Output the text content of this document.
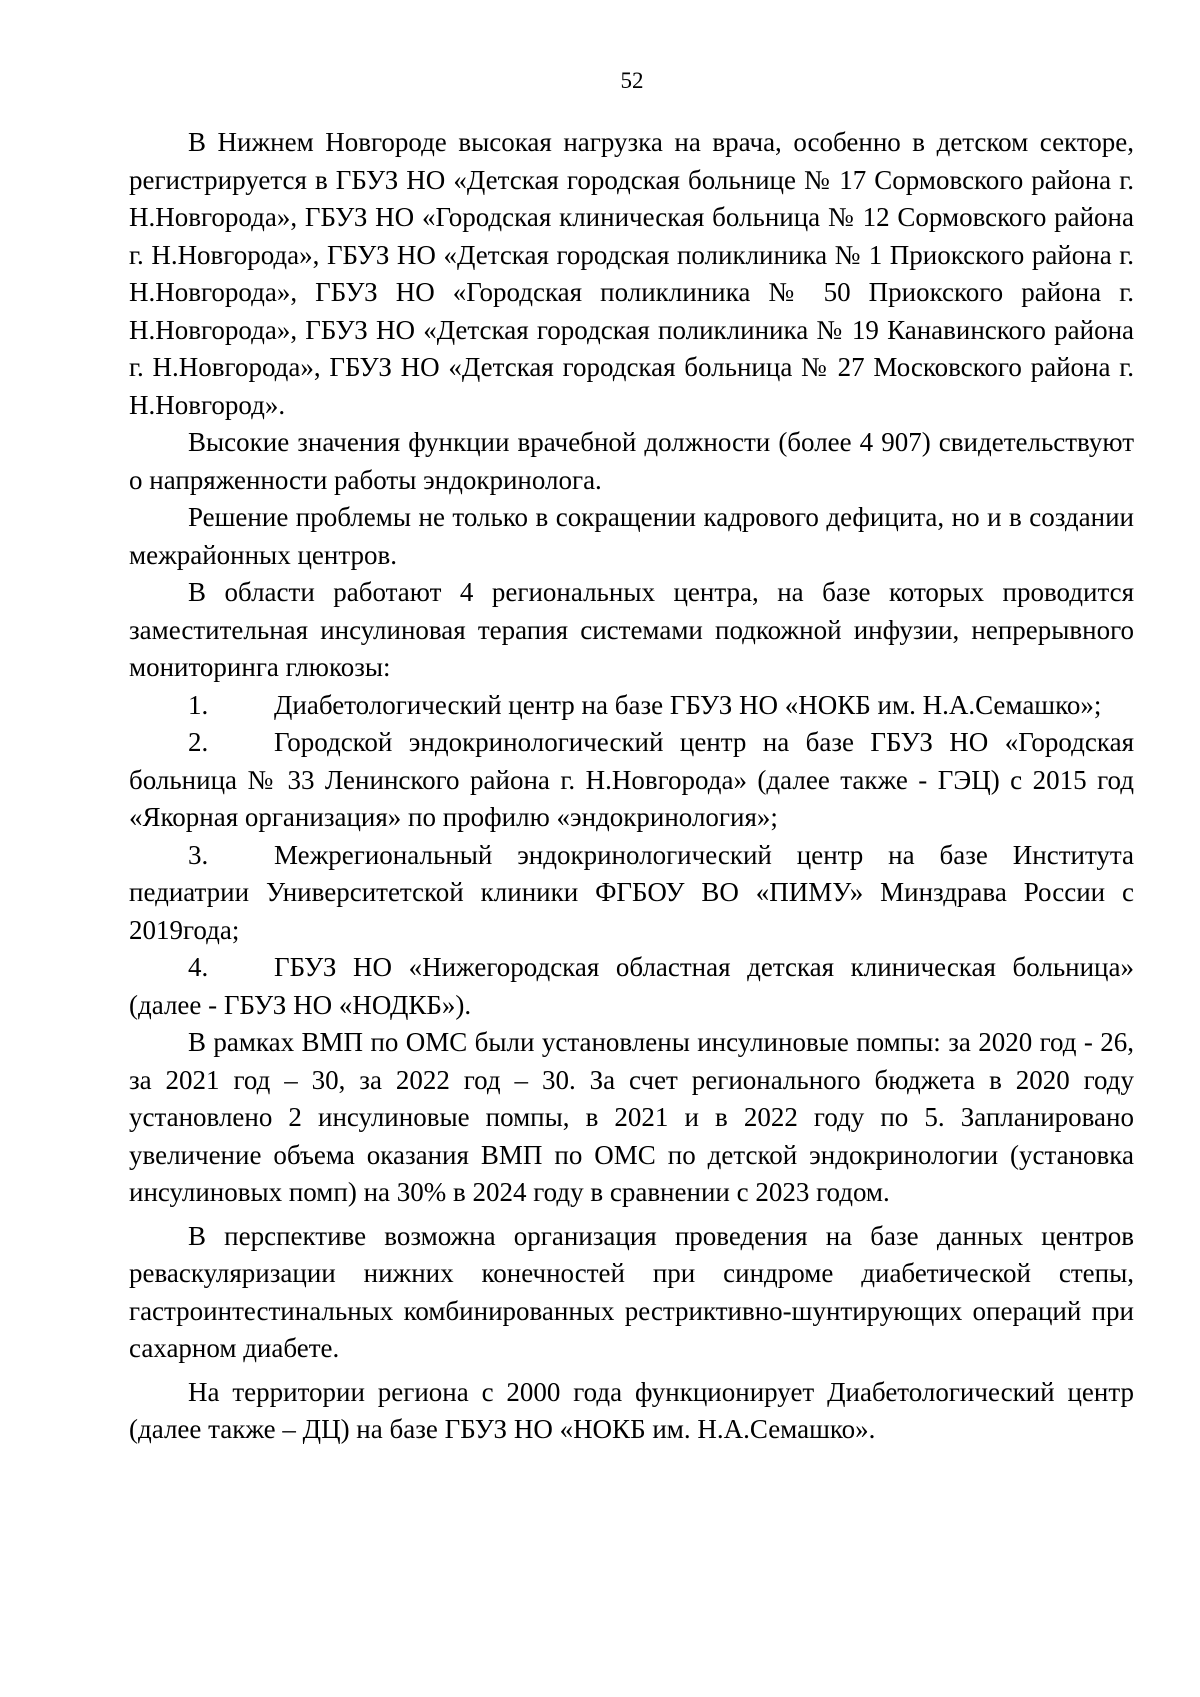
52

В Нижнем Новгороде высокая нагрузка на врача, особенно в детском секторе, регистрируется в ГБУЗ НО «Детская городская больнице № 17 Сормовского района г. Н.Новгорода», ГБУЗ НО «Городская клиническая больница № 12 Сормовского района г. Н.Новгорода», ГБУЗ НО «Детская городская поликлиника № 1 Приокского района г. Н.Новгорода», ГБУЗ НО «Городская поликлиника № 50 Приокского района г. Н.Новгорода», ГБУЗ НО «Детская городская поликлиника № 19 Канавинского района г. Н.Новгорода», ГБУЗ НО «Детская городская больница № 27 Московского района г. Н.Новгород».

Высокие значения функции врачебной должности (более 4 907) свидетельствуют о напряженности работы эндокринолога.

Решение проблемы не только в сокращении кадрового дефицита, но и в создании межрайонных центров.

В области работают 4 региональных центра, на базе которых проводится заместительная инсулиновая терапия системами подкожной инфузии, непрерывного мониторинга глюкозы:

1. Диабетологический центр на базе ГБУЗ НО «НОКБ им. Н.А.Семашко»;

2. Городской эндокринологический центр на базе ГБУЗ НО «Городская больница № 33 Ленинского района г. Н.Новгорода» (далее также - ГЭЦ) с 2015 год «Якорная организация» по профилю «эндокринология»;

3. Межрегиональный эндокринологический центр на базе Института педиатрии Университетской клиники ФГБОУ ВО «ПИМУ» Минздрава России с 2019года;

4. ГБУЗ НО «Нижегородская областная детская клиническая больница» (далее - ГБУЗ НО «НОДКБ»).

В рамках ВМП по ОМС были установлены инсулиновые помпы: за 2020 год - 26, за 2021 год – 30, за 2022 год – 30. За счет регионального бюджета в 2020 году установлено 2 инсулиновые помпы, в 2021 и в 2022 году по 5. Запланировано увеличение объема оказания ВМП по ОМС по детской эндокринологии (установка инсулиновых помп) на 30% в 2024 году в сравнении с 2023 годом.

В перспективе возможна организация проведения на базе данных центров реваскуляризации нижних конечностей при синдроме диабетической степы, гастроинтестинальных комбинированных рестриктивно-шунтирующих операций при сахарном диабете.

На территории региона с 2000 года функционирует Диабетологический центр (далее также – ДЦ) на базе ГБУЗ НО «НОКБ им. Н.А.Семашко».
